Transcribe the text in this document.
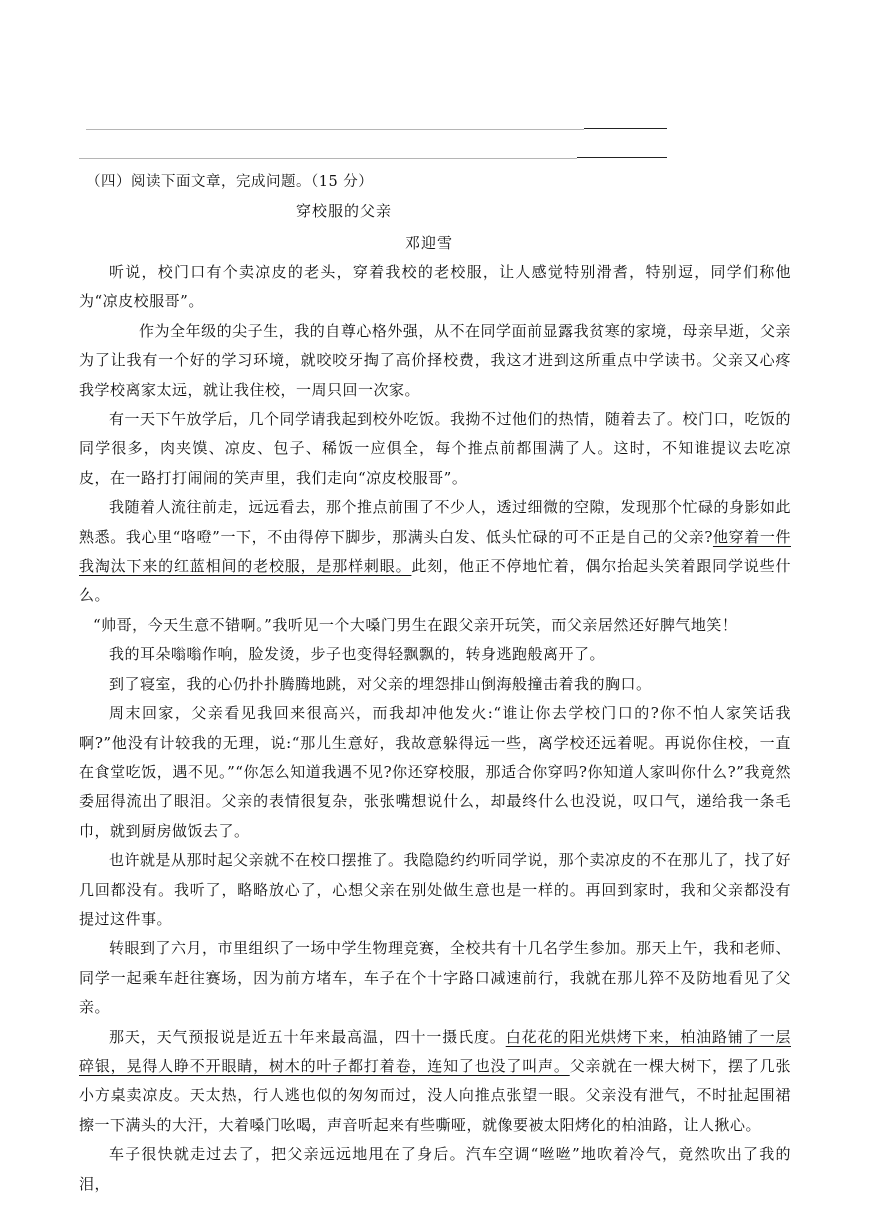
（四）阅读下面文章，完成问题。（15 分）
穿校服的父亲
邓迎雪

听说，校门口有个卖凉皮的老头，穿着我校的老校服，让人感觉特别滑耆，特别逗，同学们称他为“凉皮校服哥”。

作为全年级的尖子生，我的自尊心格外强，从不在同学面前显露我贫寒的家境，母亲早逝，父亲为了让我有一个好的学习环境，就咬咬牙掏了高价择校费，我这才进到这所重点中学读书。父亲又心疼我学校离家太远，就让我住校，一周只回一次家。

有一天下午放学后，几个同学请我起到校外吃饭。我拗不过他们的热情，随着去了。校门口，吃饭的同学很多，肉夹馍、凉皮、包子、稀饭一应俱全，每个推点前都围满了人。这时，不知谁提议去吃凉皮，在一路打打闹闹的笑声里，我们走向“凉皮校服哥”。

我随着人流往前走，远远看去，那个推点前围了不少人，透过细微的空隙，发现那个忙碌的身影如此熟悉。我心里“咯噔”一下，不由得停下脚步，那满头白发、低头忙碌的可不正是自己的父亲?他穿着一件我淘汰下来的红蓝相间的老校服，是那样刺眼。此刻，他正不停地忙着，偶尔抬起头笑着跟同学说些什么。

“帅哥，今天生意不错啊。”我听见一个大嗓门男生在跟父亲开玩笑，而父亲居然还好脾气地笑！

我的耳朵嗡嗡作响，脸发烫，步子也变得轻飘飘的，转身逃跑般离开了。

到了寝室，我的心仍扑扑腾腾地跳，对父亲的埋怨排山倒海般撞击着我的胸口。

周末回家，父亲看见我回来很高兴，而我却冲他发火:“谁让你去学校门口的?你不怕人家笑话我啊?”他没有计较我的无理，说:“那儿生意好，我故意躲得远一些，离学校还远着呢。再说你住校，一直在食堂吃饭，遇不见。”“你怎么知道我遇不见?你还穿校服，那适合你穿吗?你知道人家叫你什么?”我竟然委屈得流出了眼泪。父亲的表情很复杂，张张嘴想说什么，却最终什么也没说，叹口气，递给我一条毛巾，就到厨房做饭去了。

也许就是从那时起父亲就不在校口摆推了。我隐隐约约听同学说，那个卖凉皮的不在那儿了，找了好几回都没有。我听了，略略放心了，心想父亲在别处做生意也是一样的。再回到家时，我和父亲都没有提过这件事。

转眼到了六月，市里组织了一场中学生物理竞赛，全校共有十几名学生参加。那天上午，我和老师、同学一起乘车赶往赛场，因为前方堵车，车子在个十字路口减速前行，我就在那儿猝不及防地看见了父亲。

那天，天气预报说是近五十年来最高温，四十一摄氏度。白花花的阳光烘烤下来，柏油路铺了一层碎银，晃得人睁不开眼睛，树木的叶子都打着卷，连知了也没了叫声。父亲就在一棵大树下，摆了几张小方桌卖凉皮。天太热，行人逃也似的匆匆而过，没人向推点张望一眼。父亲没有泄气，不时扯起围裙擦一下满头的大汗，大着嗓门吆喝，声音听起来有些嘶哑，就像要被太阳烤化的柏油路，让人揪心。

车子很快就走过去了，把父亲远远地甩在了身后。汽车空调“咝咝”地吹着冷气，竟然吹出了我的泪，
